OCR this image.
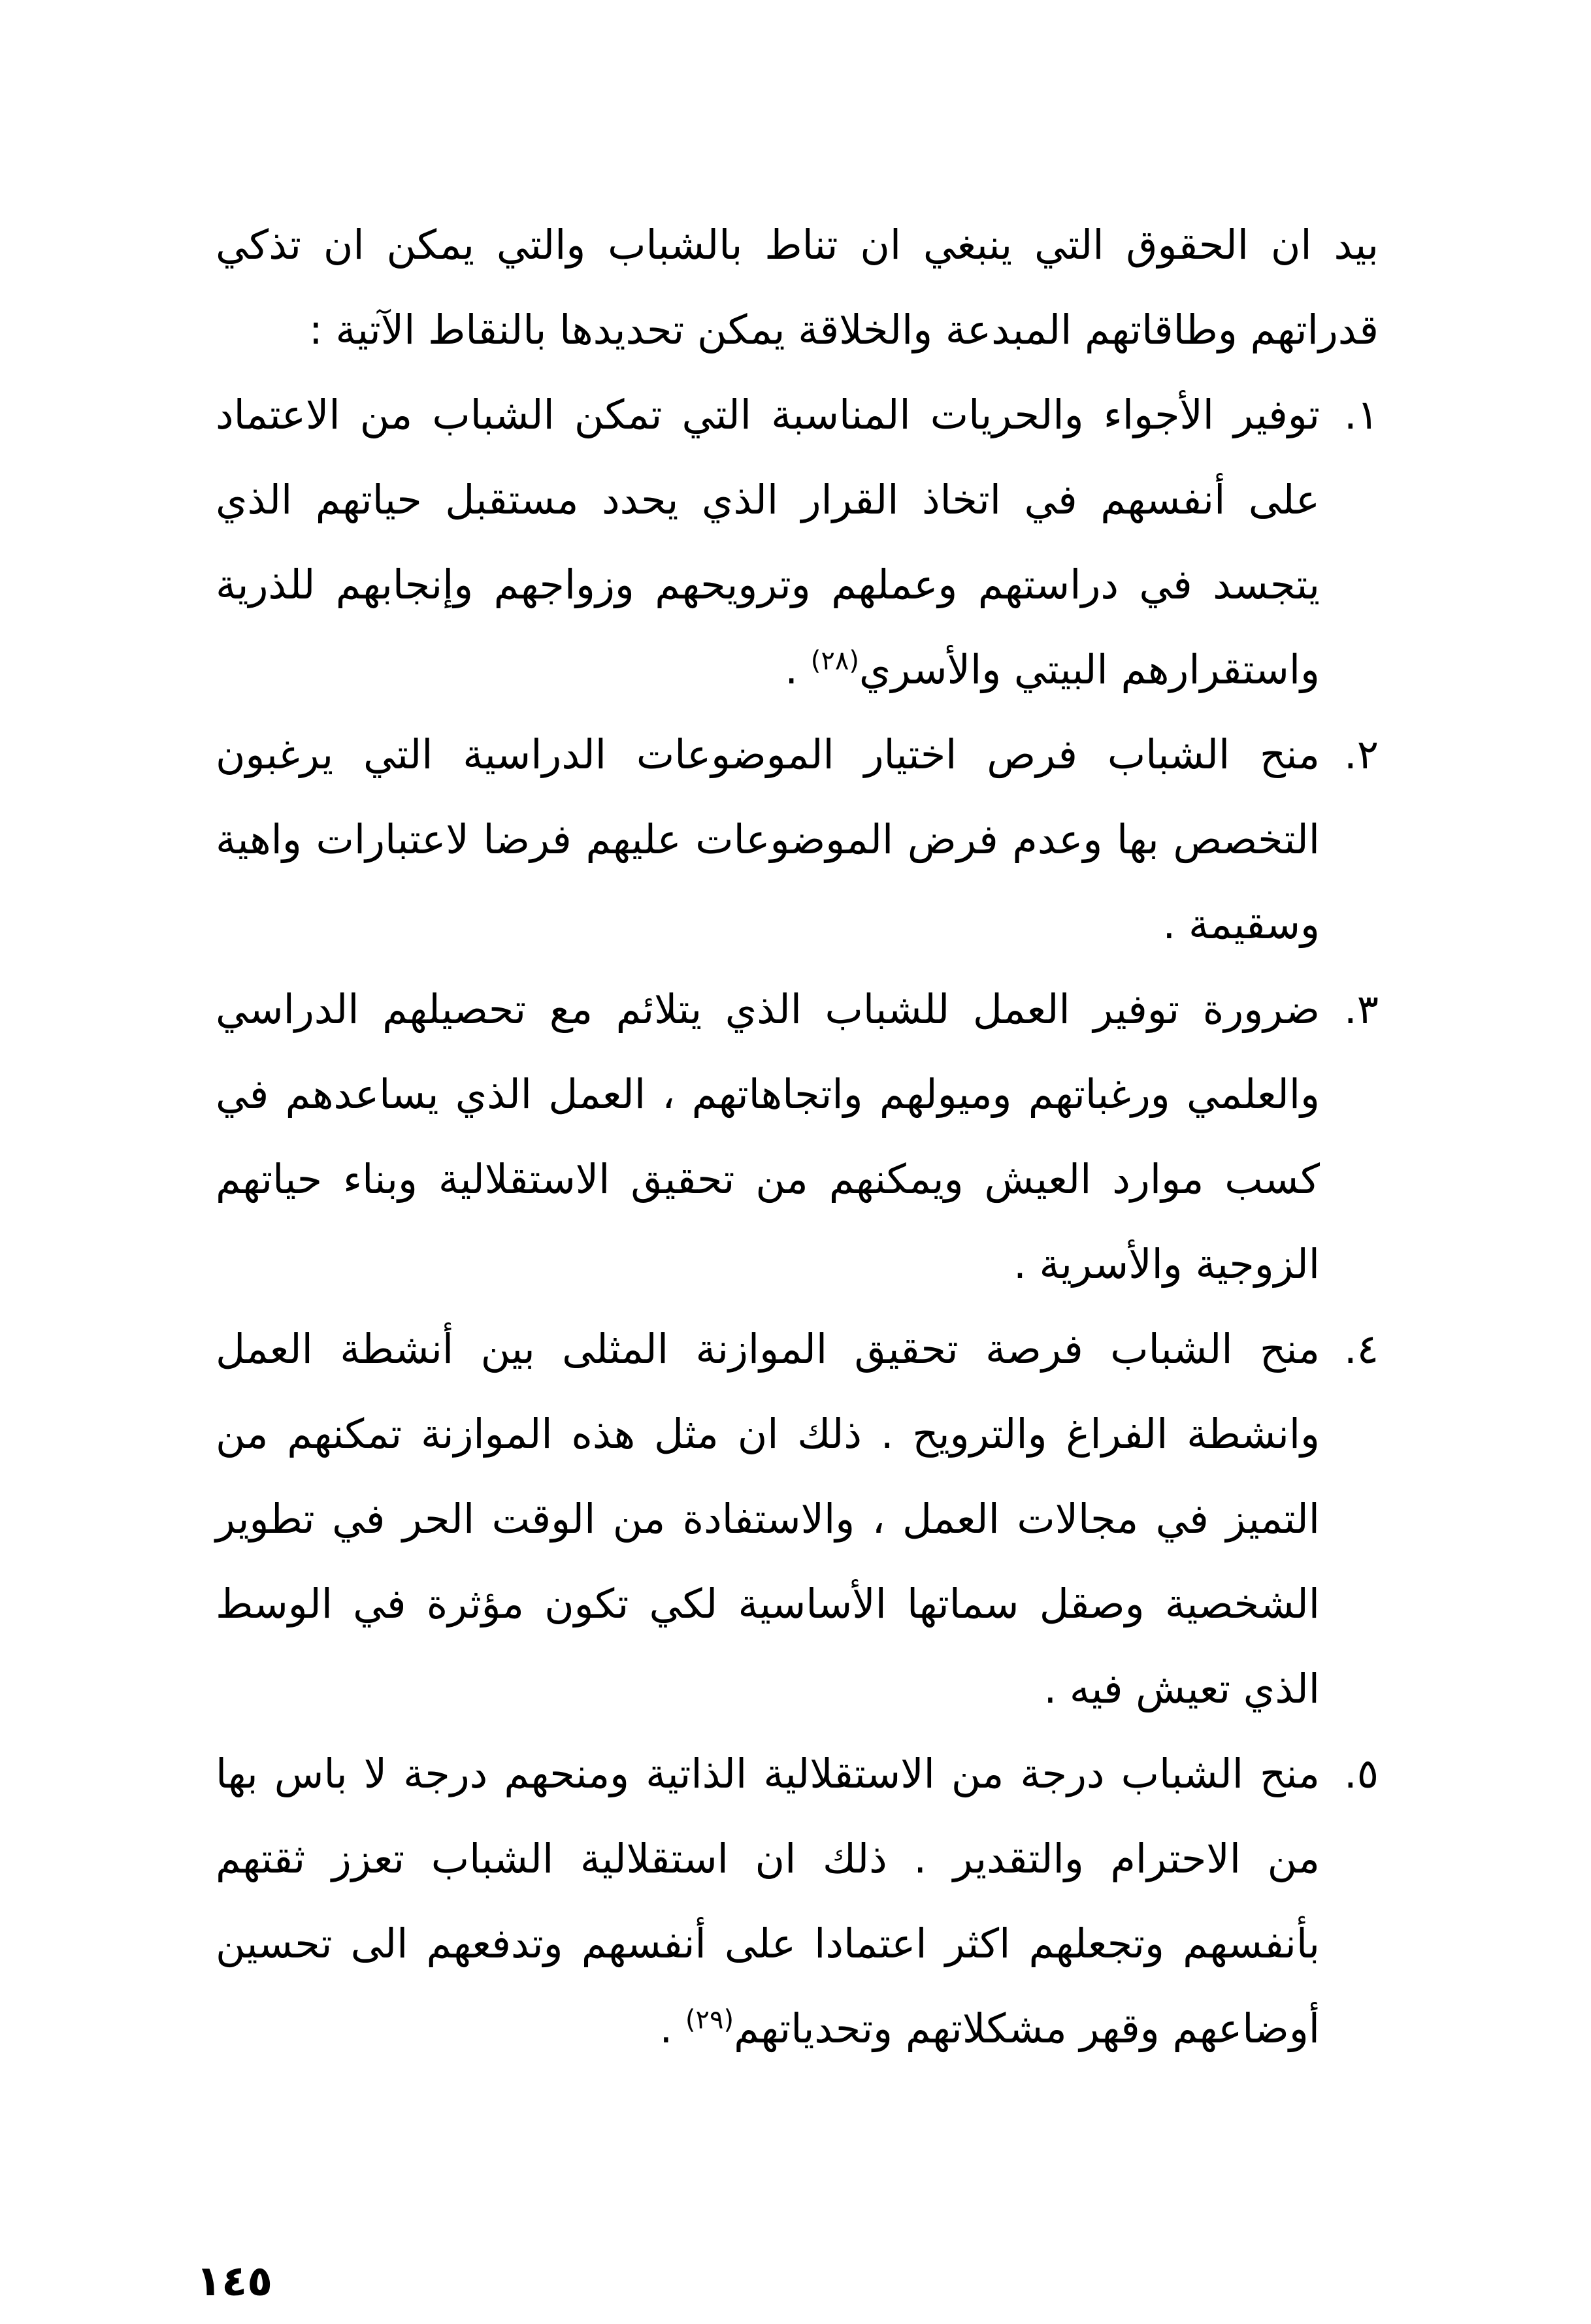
بيد ان الحقوق التي ينبغي ان تناط بالشباب والتي يمكن ان تذكي قدراتهم وطاقاتهم المبدعة والخلاقة يمكن تحديدها بالنقاط الآتية :

١.
توفير الأجواء والحريات المناسبة التي تمكن الشباب من الاعتماد على أنفسهم في اتخاذ القرار الذي يحدد مستقبل حياتهم الذي يتجسد في دراستهم وعملهم وترويحهم وزواجهم وإنجابهم للذرية واستقرارهم البيتي والأسري$^{(٢٨)}$ .
٢.
منح الشباب فرص اختيار الموضوعات الدراسية التي يرغبون التخصص بها وعدم فرض الموضوعات عليهم فرضا لاعتبارات واهية وسقيمة .
٣.
ضرورة توفير العمل للشباب الذي يتلائم مع تحصيلهم الدراسي والعلمي ورغباتهم وميولهم واتجاهاتهم ، العمل الذي يساعدهم في كسب موارد العيش ويمكنهم من تحقيق الاستقلالية وبناء حياتهم الزوجية والأسرية .
٤.
منح الشباب فرصة تحقيق الموازنة المثلى بين أنشطة العمل وانشطة الفراغ والترويح . ذلك ان مثل هذه الموازنة تمكنهم من التميز في مجالات العمل ، والاستفادة من الوقت الحر في تطوير الشخصية وصقل سماتها الأساسية لكي تكون مؤثرة في الوسط الذي تعيش فيه .
٥.
منح الشباب درجة من الاستقلالية الذاتية ومنحهم درجة لا باس بها من الاحترام والتقدير . ذلك ان استقلالية الشباب تعزز ثقتهم بأنفسهم وتجعلهم اكثر اعتمادا على أنفسهم وتدفعهم الى تحسين أوضاعهم وقهر مشكلاتهم وتحدياتهم$^{(٢٩)}$ .
١٤٥
